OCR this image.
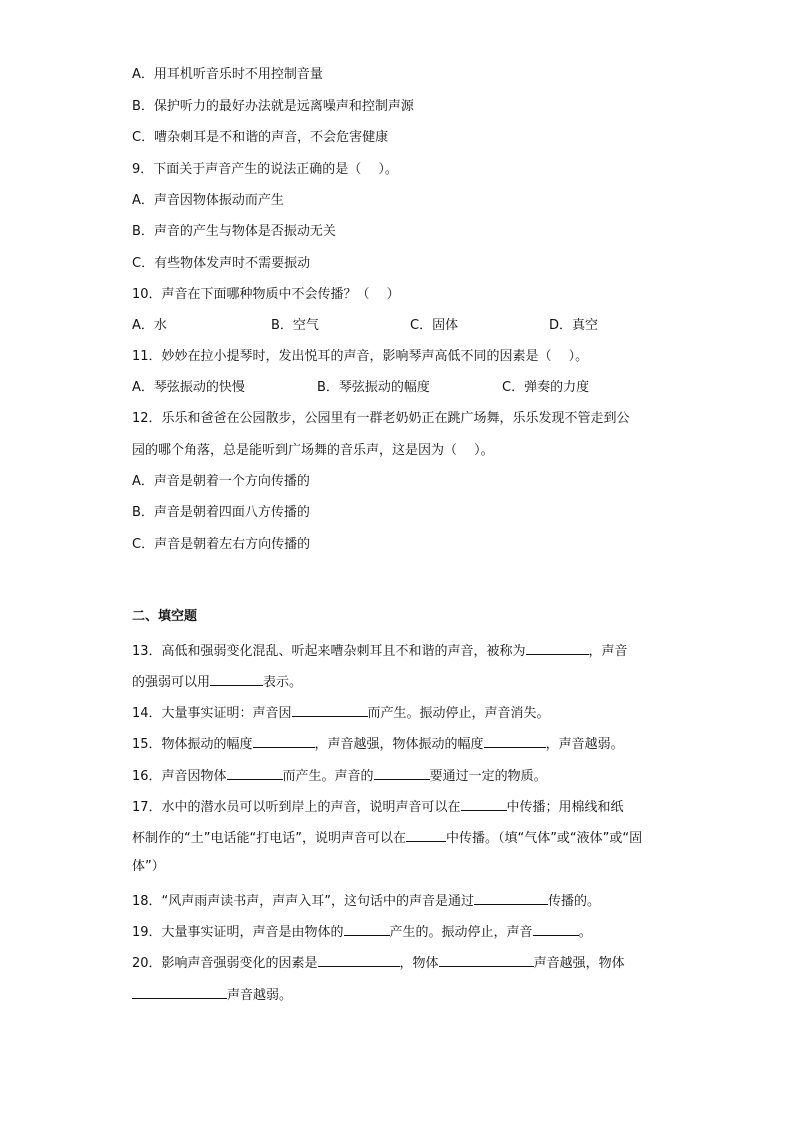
A．用耳机听音乐时不用控制音量
B．保护听力的最好办法就是远离噪声和控制声源
C．嘈杂刺耳是不和谐的声音，不会危害健康
9．下面关于声音产生的说法正确的是（　 ）。
A．声音因物体振动而产生
B．声音的产生与物体是否振动无关
C．有些物体发声时不需要振动
10．声音在下面哪种物质中不会传播？（　 ）
A．水	B．空气	C．固体	D．真空
11．妙妙在拉小提琴时，发出悦耳的声音，影响琴声高低不同的因素是（　 ）。
A．琴弦振动的快慢	B．琴弦振动的幅度	C．弹奏的力度
12．乐乐和爸爸在公园散步，公园里有一群老奶奶正在跳广场舞，乐乐发现不管走到公
园的哪个角落，总是能听到广场舞的音乐声，这是因为（　 ）。
A．声音是朝着一个方向传播的
B．声音是朝着四面八方传播的
C．声音是朝着左右方向传播的
二、填空题
13．高低和强弱变化混乱、听起来嘈杂刺耳且不和谐的声音，被称为	，声音
的强弱可以用	表示。
14．大量事实证明：声音因	而产生。振动停止，声音消失。
15．物体振动的幅度	，声音越强，物体振动的幅度	，声音越弱。
16．声音因物体	而产生。声音的	要通过一定的物质。
17．水中的潜水员可以听到岸上的声音，说明声音可以在	中传播；用棉线和纸
杯制作的“土”电话能“打电话”，说明声音可以在	中传播。（填“气体”或“液体”或“固
体”）
18．“风声雨声读书声，声声入耳”，这句话中的声音是通过	传播的。
19．大量事实证明，声音是由物体的	产生的。振动停止，声音	。
20．影响声音强弱变化的因素是	，物体	声音越强，物体
声音越弱。
